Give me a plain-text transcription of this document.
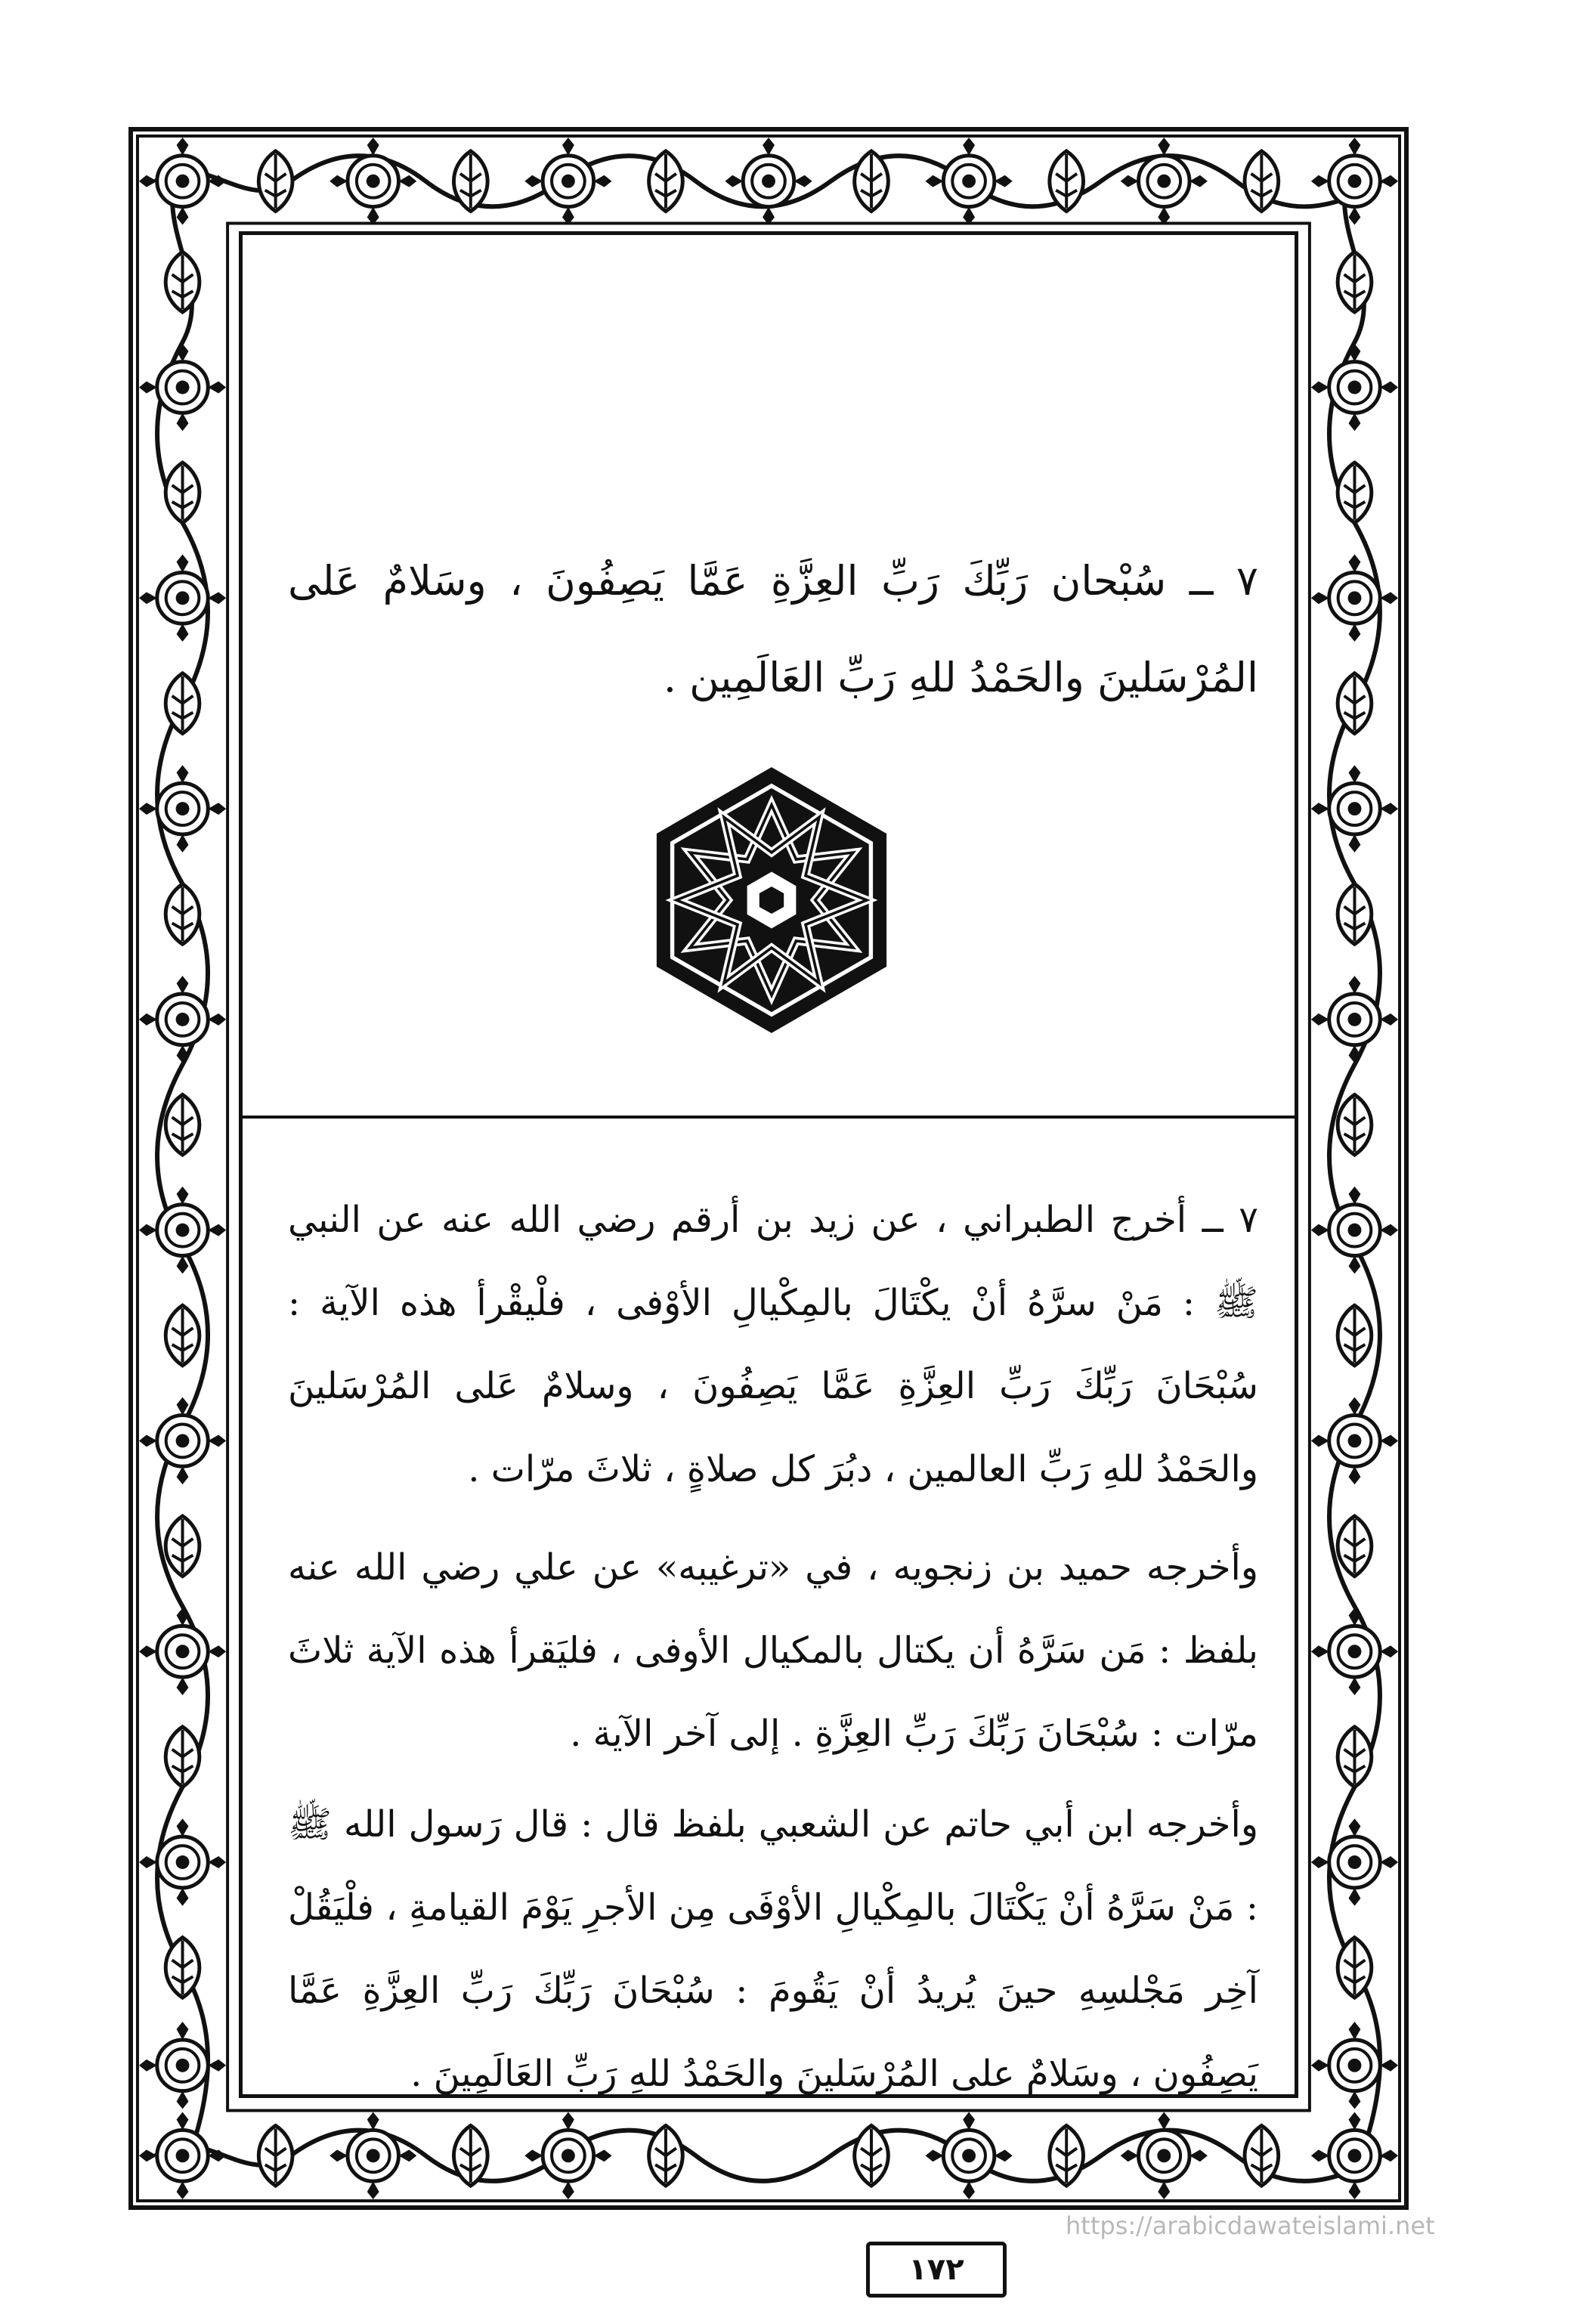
٧ ــ سُبْحان رَبِّكَ رَبِّ العِزَّةِ عَمَّا يَصِفُونَ ، وسَلامٌ عَلى المُرْسَلينَ والحَمْدُ للهِ رَبِّ العَالَمِين .

٧ ــ أخرج الطبراني ، عن زيد بن أرقم رضي الله عنه عن النبي ﷺ : مَنْ سرَّهُ أنْ يكْتَالَ بالمِكْيالِ الأوْفى ، فلْيقْرأ هذه الآية : سُبْحَانَ رَبِّكَ رَبِّ العِزَّةِ عَمَّا يَصِفُونَ ، وسلامٌ عَلى المُرْسَلينَ والحَمْدُ للهِ رَبِّ العالمين ، دبُرَ كل صلاةٍ ، ثلاثَ مرّات .

وأخرجه حميد بن زنجويه ، في «ترغيبه» عن علي رضي الله عنه بلفظ : مَن سَرَّهُ أن يكتال بالمكيال الأوفى ، فليَقرأ هذه الآية ثلاثَ مرّات : سُبْحَانَ رَبِّكَ رَبِّ العِزَّةِ . إلى آخر الآية .

وأخرجه ابن أبي حاتم عن الشعبي بلفظ قال : قال رَسول الله ﷺ : مَنْ سَرَّهُ أنْ يَكْتَالَ بالمِكْيالِ الأوْفَى مِن الأجرِ يَوْمَ القيامةِ ، فلْيَقُلْ آخِر مَجْلسِهِ حينَ يُريدُ أنْ يَقُومَ : سُبْحَانَ رَبِّكَ رَبِّ العِزَّةِ عَمَّا يَصِفُون ، وسَلامٌ على المُرْسَلينَ والحَمْدُ للهِ رَبِّ العَالَمِينَ .

١٧٢
https://arabicdawateislami.net
